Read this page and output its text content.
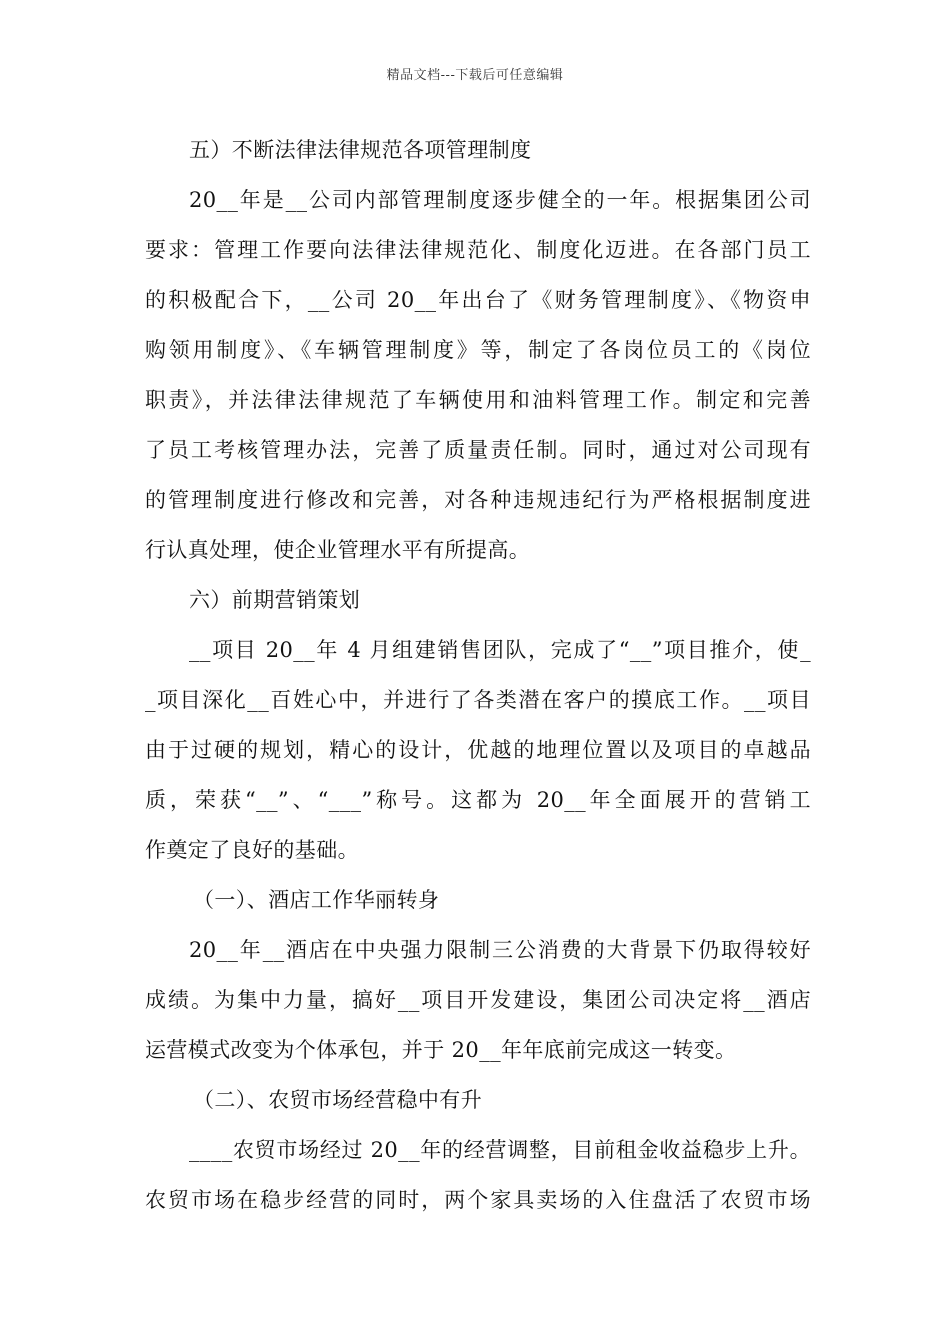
精品文档---下载后可任意编辑
五）不断法律法律规范各项管理制度
20__年是__公司内部管理制度逐步健全的一年。根据集团公司
要求：管理工作要向法律法律规范化、制度化迈进。在各部门员工
的积极配合下，__公司 20__年出台了《财务管理制度》、《物资申
购领用制度》、《车辆管理制度》等，制定了各岗位员工的《岗位
职责》，并法律法律规范了车辆使用和油料管理工作。制定和完善
了员工考核管理办法，完善了质量责任制。同时，通过对公司现有
的管理制度进行修改和完善，对各种违规违纪行为严格根据制度进
行认真处理，使企业管理水平有所提高。
六）前期营销策划
__项目 20__年 4 月组建销售团队，完成了“__”项目推介，使_
_项目深化__百姓心中，并进行了各类潜在客户的摸底工作。__项目
由于过硬的规划，精心的设计，优越的地理位置以及项目的卓越品
质，荣获“__”、“___”称号。这都为 20__年全面展开的营销工
作奠定了良好的基础。
（一）、酒店工作华丽转身
20__年__酒店在中央强力限制三公消费的大背景下仍取得较好
成绩。为集中力量，搞好__项目开发建设，集团公司决定将__酒店
运营模式改变为个体承包，并于 20__年年底前完成这一转变。
（二）、农贸市场经营稳中有升
____农贸市场经过 20__年的经营调整，目前租金收益稳步上升。
农贸市场在稳步经营的同时，两个家具卖场的入住盘活了农贸市场
